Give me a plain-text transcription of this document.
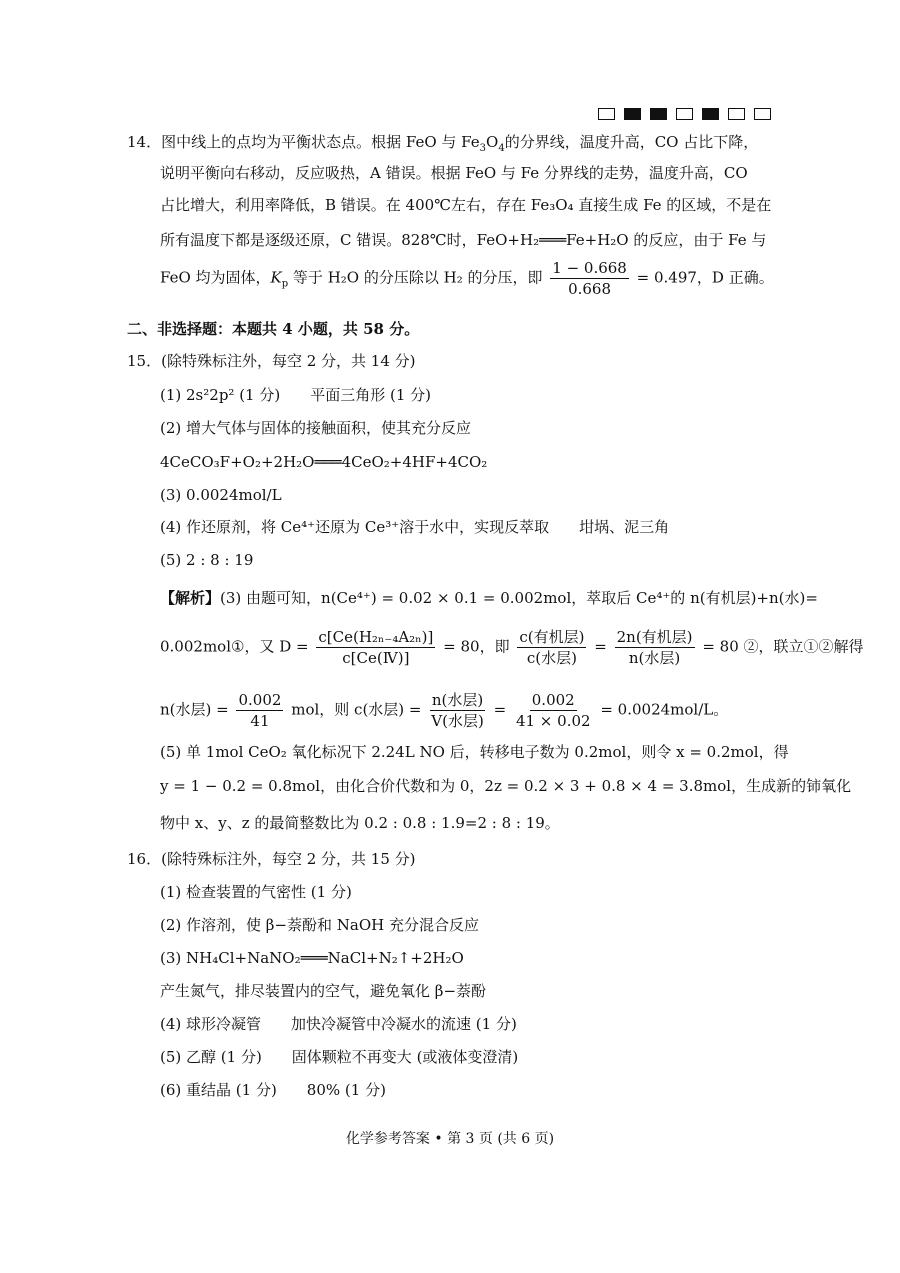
14．图中线上的点均为平衡状态点。根据 FeO 与 $Fe_3O_4$的分界线，温度升高，CO 占比下降，
说明平衡向右移动，反应吸热，A 错误。根据 FeO 与 Fe 分界线的走势，温度升高，CO
占比增大，利用率降低，B 错误。在 400℃左右，存在 Fe₃O₄ 直接生成 Fe 的区域，不是在
所有温度下都是逐级还原，C 错误。828℃时，FeO+H₂═══Fe+H₂O 的反应，由于 Fe 与
FeO 均为固体，$K_p$ 等于 H₂O 的分压除以 H₂ 的分压，即 $\frac{1 - 0.668}{0.668} = 0.497$，D 正确。
二、非选择题：本题共 4 小题，共 58 分。
15．(除特殊标注外，每空 2 分，共 14 分)
(1) 2s²2p² (1 分)　　平面三角形 (1 分)
(2) 增大气体与固体的接触面积，使其充分反应
4CeCO₃F+O₂+2H₂O═══4CeO₂+4HF+4CO₂
(3) 0.0024mol/L
(4) 作还原剂，将 Ce⁴⁺还原为 Ce³⁺溶于水中，实现反萃取　　坩埚、泥三角
(5) 2 : 8 : 19
【解析】(3) 由题可知，n(Ce⁴⁺) = 0.02 × 0.1 = 0.002mol，萃取后 Ce⁴⁺的 n(有机层)+n(水)=
0.002mol①，又 $D = \frac{\text{c[Ce(H₂ₙ₋₄A₂ₙ)]}}{\text{c[Ce(Ⅳ)]}} = 80$，即 $\frac{\text{c(有机层)}}{\text{c(水层)}} = \frac{\text{2n(有机层)}}{\text{n(水层)}} = 80$ ②，联立①②解得
n(水层) = $\frac{0.002}{41}$ mol，则 c(水层) = $\frac{\text{n(水层)}}{\text{V(水层)}} = \frac{0.002}{41 \times 0.02} = 0.0024mol/L$。
(5) 单 1mol CeO₂ 氧化标况下 2.24L NO 后，转移电子数为 0.2mol，则令 x = 0.2mol，得
y = 1 − 0.2 = 0.8mol，由化合价代数和为 0，2z = 0.2 × 3 + 0.8 × 4 = 3.8mol，生成新的铈氧化
物中 x、y、z 的最简整数比为 0.2 : 0.8 : 1.9=2 : 8 : 19。
16．(除特殊标注外，每空 2 分，共 15 分)
(1) 检查装置的气密性 (1 分)
(2) 作溶剂，使 β−萘酚和 NaOH 充分混合反应
(3) NH₄Cl+NaNO₂═══NaCl+N₂↑+2H₂O
产生氮气，排尽装置内的空气，避免氧化 β−萘酚
(4) 球形冷凝管　　加快冷凝管中冷凝水的流速 (1 分)
(5) 乙醇 (1 分)　　固体颗粒不再变大 (或液体变澄清)
(6) 重结晶 (1 分)　　80% (1 分)
化学参考答案 • 第 3 页 (共 6 页)
